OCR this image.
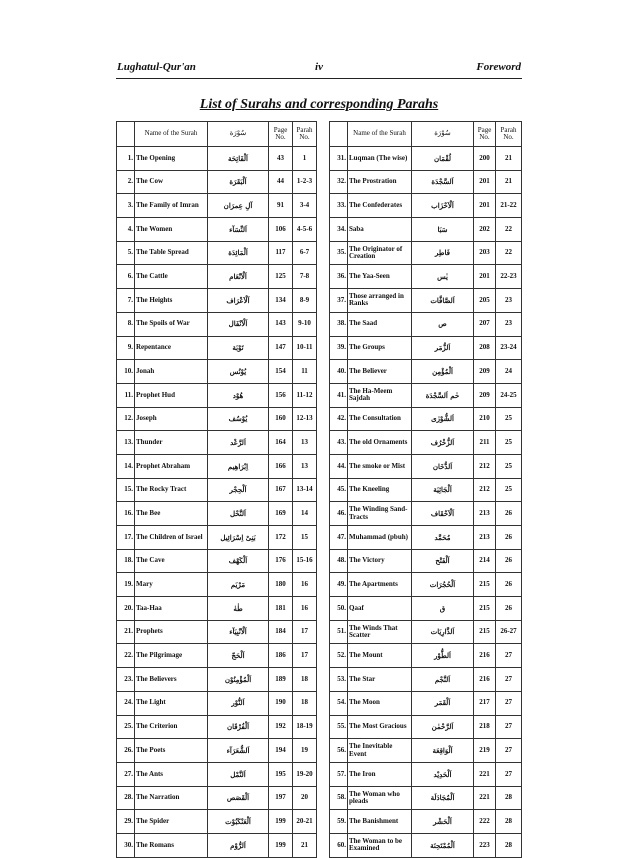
Lughatul-Qur'an	iv	Foreword
List of Surahs and corresponding Parahs
	Name of the Surah	سُوْرَة	Page No.	Parah No.
1.	The Opening	اَلْفَاتِحَة	43	1
2.	The Cow	اَلْبَقَرَة	44	1-2-3
3.	The Family of Imran	آلِ عِمرَان	91	3-4
4.	The Women	اَلنِّسَآء	106	4-5-6
5.	The Table Spread	اَلْمَائِدَة	117	6-7
6.	The Cattle	اَلْاَنْعَام	125	7-8
7.	The Heights	اَلْاَعْرَاف	134	8-9
8.	The Spoils of War	اَلْاَنْفَال	143	9-10
9.	Repentance	تَوْبَة	147	10-11
10.	Jonah	يُوْنُس	154	11
11.	Prophet Hud	هُوْد	156	11-12
12.	Joseph	يُوْسُف	160	12-13
13.	Thunder	اَلرَّعْد	164	13
14.	Prophet Abraham	اِبْرَاهِيم	166	13
15.	The Rocky Tract	اَلْحِجْر	167	13-14
16.	The Bee	اَلنَّحْل	169	14
17.	The Children of Israel	بَنِىْ اِسْرَائِيل	172	15
18.	The Cave	اَلْكَهْف	176	15-16
19.	Mary	مَرْيَم	180	16
20.	Taa-Haa	طٰهٰ	181	16
21.	Prophets	اَلْاَنْبِيَآء	184	17
22.	The Pilgrimage	اَلْحَجّ	186	17
23.	The Believers	اَلْمُؤْمِنُوْن	189	18
24.	The Light	اَلنُّوْر	190	18
25.	The Criterion	اَلْفُرْقَان	192	18-19
26.	The Poets	اَلشُّعَرَآء	194	19
27.	The Ants	اَلنَّمْل	195	19-20
28.	The Narration	اَلْقَصَص	197	20
29.	The Spider	اَلْعَنْكَبُوْت	199	20-21
30.	The Romans	اَلرُّوْم	199	21
	Name of the Surah	سُوْرَة	Page No.	Parah No.
31.	Luqman (The wise)	لُقْمَان	200	21
32.	The Prostration	اَلسَّجْدَة	201	21
33.	The Confederates	اَلْاَحْزَاب	201	21-22
34.	Saba	سَبَا	202	22
35.	The Originator of Creation	فَاطِر	203	22
36.	The Yaa-Seen	يٰس	201	22-23
37.	Those arranged in Ranks	اَلصَّافَّات	205	23
38.	The Saad	ص	207	23
39.	The Groups	اَلزُّمَر	208	23-24
40.	The Believer	اَلْمُؤْمِن	209	24
41.	The Ha-Meem Sajdah	حٰم اَلسَّجْدَة	209	24-25
42.	The Consultation	اَلشُّوْرٰى	210	25
43.	The old Ornaments	اَلزُّخْرُف	211	25
44.	The smoke or Mist	اَلدُّخَان	212	25
45.	The Kneeling	اَلْجَاثِيَة	212	25
46.	The Winding Sand-Tracts	اَلْاَحْقَاف	213	26
47.	Muhammad (pbuh)	مُحَمَّد	213	26
48.	The Victory	اَلْفَتْح	214	26
49.	The Apartments	اَلْحُجُرَات	215	26
50.	Qaaf	ق	215	26
51.	The Winds That Scatter	اَلذَّارِيَات	215	26-27
52.	The Mount	اَلطُّوْر	216	27
53.	The Star	اَلنَّجْم	216	27
54.	The Moon	اَلْقَمَر	217	27
55.	The Most Gracious	اَلرَّحْمٰن	218	27
56.	The Inevitable Event	اَلْوَاقِعَة	219	27
57.	The Iron	اَلْحَدِيْد	221	27
58.	The Woman who pleads	اَلْمُجَادَلَة	221	28
59.	The Banishment	اَلْحَشْر	222	28
60.	The Woman to be Examined	اَلْمُمْتَحِنَة	223	28
